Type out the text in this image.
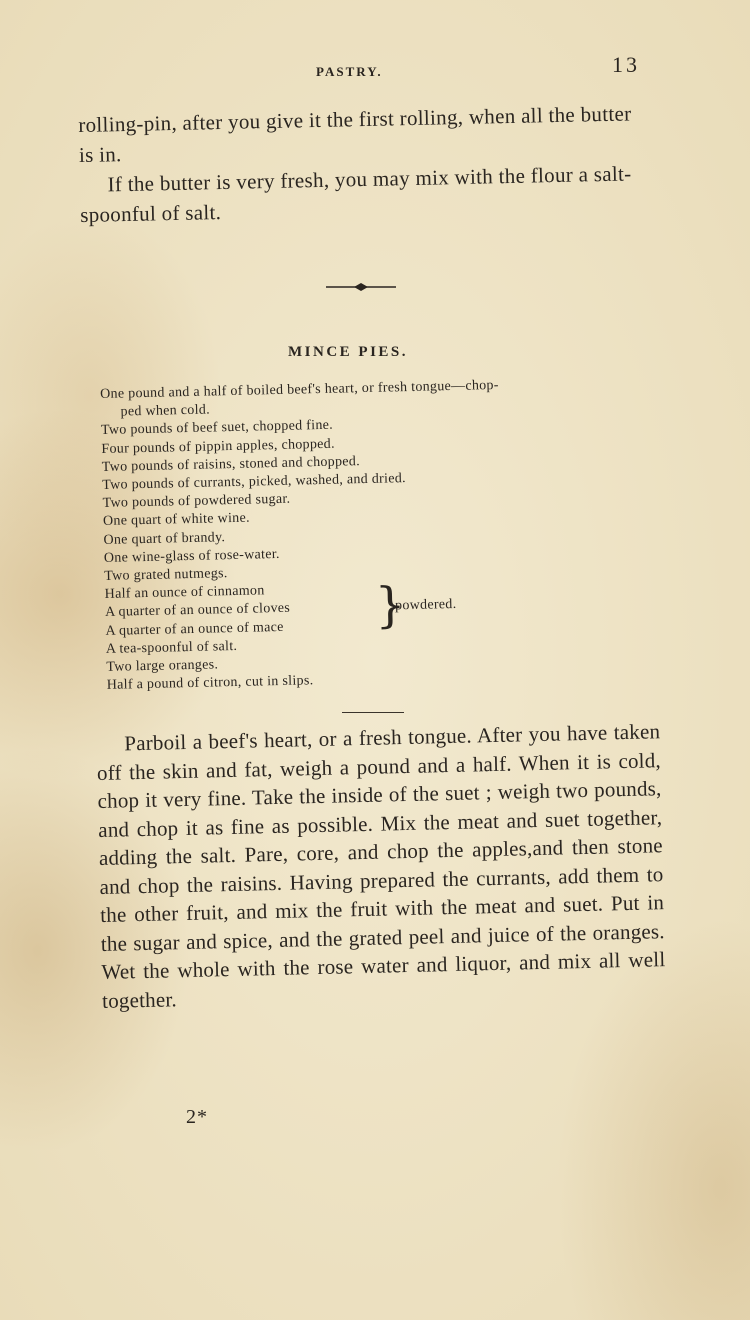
PASTRY.	13

rolling-pin, after you give it the first rolling, when all the butter is in.

If the butter is very fresh, you may mix with the flour a salt-spoonful of salt.

MINCE PIES.
One pound and a half of boiled beef's heart, or fresh tongue—chop-
ped when cold.
Two pounds of beef suet, chopped fine.
Four pounds of pippin apples, chopped.
Two pounds of raisins, stoned and chopped.
Two pounds of currants, picked, washed, and dried.
Two pounds of powdered sugar.
One quart of white wine.
One quart of brandy.
One wine-glass of rose-water.
Two grated nutmegs.
Half an ounce of cinnamon
A quarter of an ounce of cloves
A quarter of an ounce of mace	}
powdered.
A tea-spoonful of salt.
Two large oranges.
Half a pound of citron, cut in slips.

Parboil a beef's heart, or a fresh tongue. After you have taken off the skin and fat, weigh a pound and a half. When it is cold, chop it very fine. Take the inside of the suet ; weigh two pounds, and chop it as fine as possible. Mix the meat and suet together, adding the salt. Pare, core, and chop the apples,and then stone and chop the raisins. Having prepared the currants, add them to the other fruit, and mix the fruit with the meat and suet. Put in the sugar and spice, and the grated peel and juice of the oranges. Wet the whole with the rose water and liquor, and mix all well together.

2*
